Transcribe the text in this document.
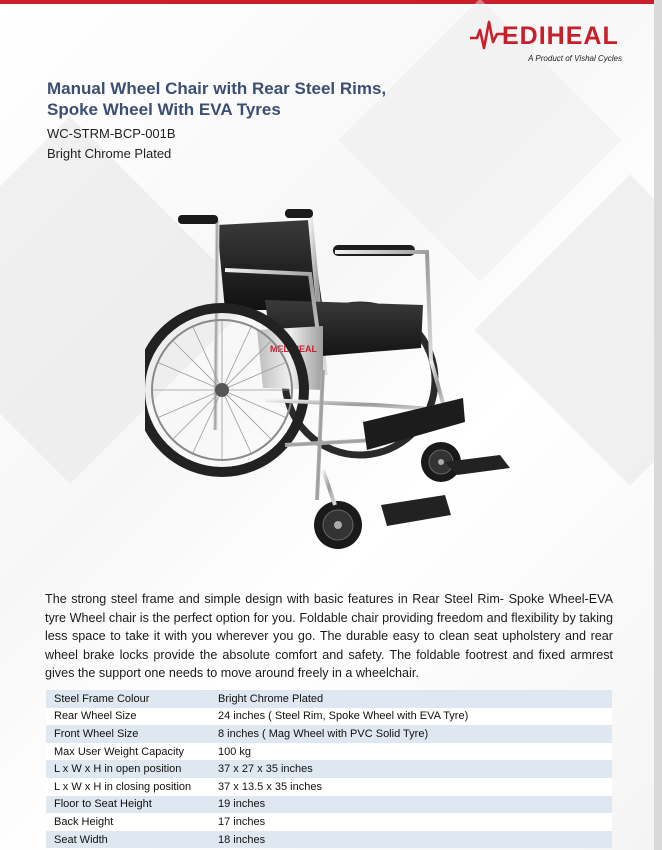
EDIHEAL
A Product of Vishal Cycles
Manual Wheel Chair with Rear Steel Rims,
Spoke Wheel With EVA Tyres
WC-STRM-BCP-001B
Bright Chrome Plated
MEDIHEAL
The strong steel frame and simple design with basic features in Rear Steel Rim- Spoke Wheel-EVA tyre Wheel chair is the perfect option for you. Foldable chair providing freedom and flexibility by taking less space to take it with you wherever you go. The durable easy to clean seat upholstery and rear wheel brake locks provide the absolute comfort and safety. The foldable footrest and fixed armrest gives the support one needs to move around freely in a wheelchair.
Steel Frame Colour	Bright Chrome Plated
Rear Wheel Size	24 inches ( Steel Rim, Spoke Wheel with EVA Tyre)
Front Wheel Size	8 inches ( Mag Wheel with PVC Solid Tyre)
Max User Weight Capacity	100 kg
L x W x H in open position	37 x 27 x 35 inches
L x W x H in closing position	37 x 13.5 x 35 inches
Floor to Seat Height	19 inches
Back Height	17 inches
Seat Width	18 inches
